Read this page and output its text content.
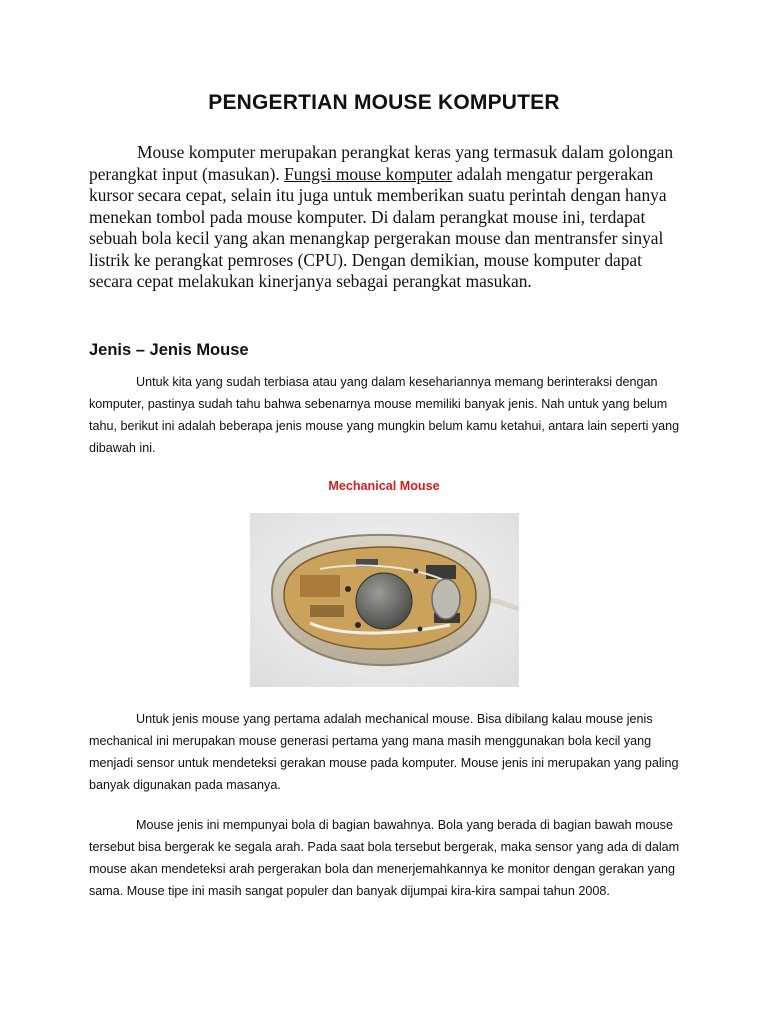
PENGERTIAN MOUSE KOMPUTER

Mouse komputer merupakan perangkat keras yang termasuk dalam golongan perangkat input (masukan). Fungsi mouse komputer adalah mengatur pergerakan kursor secara cepat, selain itu juga untuk memberikan suatu perintah dengan hanya menekan tombol pada mouse komputer. Di dalam perangkat mouse ini, terdapat sebuah bola kecil yang akan menangkap pergerakan mouse dan mentransfer sinyal listrik ke perangkat pemroses (CPU). Dengan demikian, mouse komputer dapat secara cepat melakukan kinerjanya sebagai perangkat masukan.

Jenis – Jenis Mouse

Untuk kita yang sudah terbiasa atau yang dalam kesehariannya memang berinteraksi dengan komputer, pastinya sudah tahu bahwa sebenarnya mouse memiliki banyak jenis. Nah untuk yang belum tahu, berikut ini adalah beberapa jenis mouse yang mungkin belum kamu ketahui, antara lain seperti yang dibawah ini.

Mechanical Mouse

Untuk jenis mouse yang pertama adalah mechanical mouse. Bisa dibilang kalau mouse jenis mechanical ini merupakan mouse generasi pertama yang mana masih menggunakan bola kecil yang menjadi sensor untuk mendeteksi gerakan mouse pada komputer. Mouse jenis ini merupakan yang paling banyak digunakan pada masanya.

Mouse jenis ini mempunyai bola di bagian bawahnya. Bola yang berada di bagian bawah mouse tersebut bisa bergerak ke segala arah. Pada saat bola tersebut bergerak, maka sensor yang ada di dalam mouse akan mendeteksi arah pergerakan bola dan menerjemahkannya ke monitor dengan gerakan yang sama. Mouse tipe ini masih sangat populer dan banyak dijumpai kira-kira sampai tahun 2008.
